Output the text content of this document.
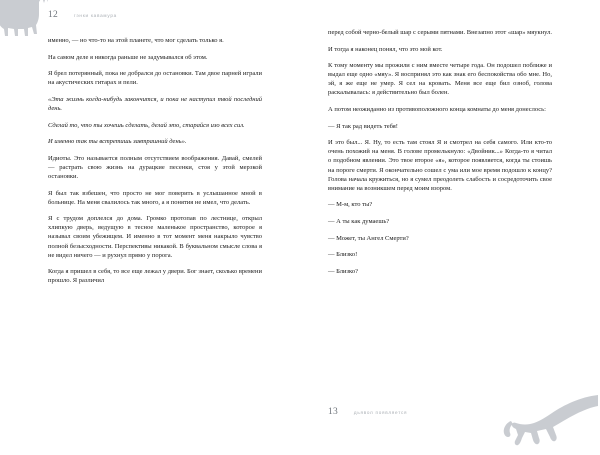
12	гэнки кавамура

именно, — но что-то на этой планете, что мог сделать только я.

На самом деле я никогда раньше не задумывался об этом.

Я брел потерянный, пока не добрался до остановки. Там двое парней играли на акустических гитарах и пели.

«Эта жизнь когда-нибудь закончится, и пока не наступил твой последний день.

Сделай то, что ты хочешь сделать, делай это, старайся изо всех сил.

И именно так ты встретишь завтрашний день».

Идиоты. Это называется полным отсутствием воображения. Давай, смелей — растрать свою жизнь на дурацкие песенки, стоя у этой мерзкой остановки.

Я был так взбешен, что просто не мог поверить в услышанное мной в больнице. На меня свалилось так много, а я понятия не имел, что делать.

Я с трудом доплелся до дома. Громко протопав по лестнице, открыл хлипкую дверь, ведущую в тесное маленькое пространство, которое я называл своим убежищем. И именно в тот момент меня накрыло чувство полной безысходности. Перспективы никакой. В буквальном смысле слова я не видел ничего — и рухнул прямо у порога.

Когда я пришел в себя, то все еще лежал у двери. Бог знает, сколько времени прошло. Я различил

перед собой черно-белый шар с серыми пятнами. Внезапно этот «шар» мяукнул.

И тогда я наконец понял, что это мой кот.

К тому моменту мы прожили с ним вместе четыре года. Он подошел поближе и выдал еще одно «мяу». Я воспринял это как знак его беспокойства обо мне. Но, эй, я же еще не умер. Я сел на кровать. Меня все еще бил озноб, голова раскалывалась: я действительно был болен.

А потом неожиданно из противоположного конца комнаты до меня донеслось:

— Я так рад видеть тебя!

И это был... Я. Ну, то есть там стоял Я и смотрел на себя самого. Или кто-то очень похожий на меня. В голове промелькнуло: «Двойник...» Когда-то я читал о подобном явлении. Это твое второе «я», которое появляется, когда ты стоишь на пороге смерти. Я окончательно сошел с ума или мое время подошло к концу? Голова начала кружиться, но я сумел преодолеть слабость и сосредоточить свое внимание на возникшем перед моим взором.

— М-м, кто ты?

— А ты как думаешь?

— Может, ты Ангел Смерти?

— Близко!

— Близко?

13	дьявол появляется
